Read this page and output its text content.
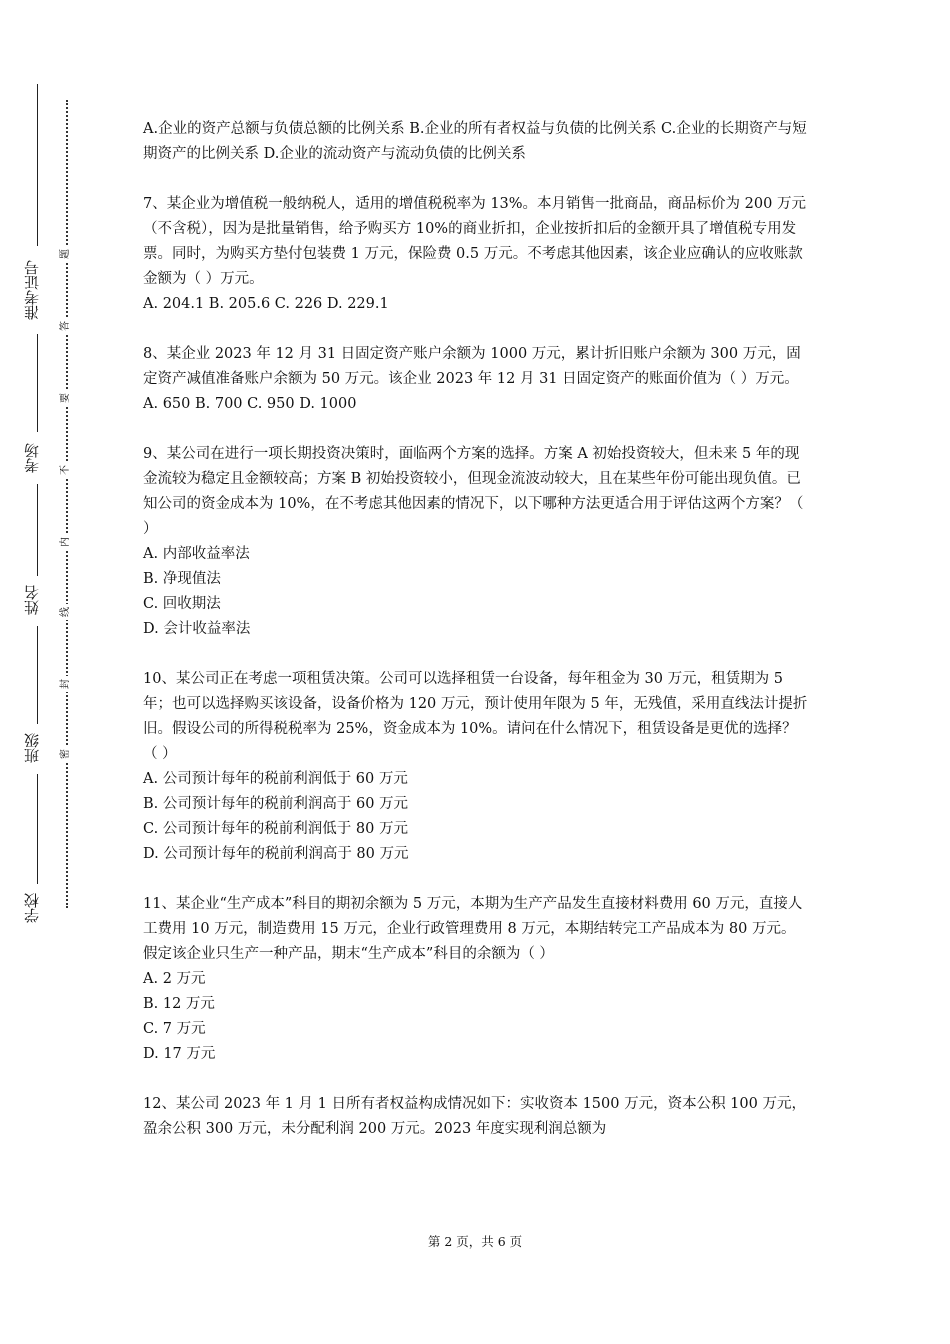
准考证号
考场
姓名
班级
学校
密
封
线
内
不
要
答
题

A.企业的资产总额与负债总额的比例关系 B.企业的所有者权益与负债的比例关系 C.企业的长期资产与短期资产的比例关系 D.企业的流动资产与流动负债的比例关系

7、某企业为增值税一般纳税人，适用的增值税税率为 13%。本月销售一批商品，商品标价为 200 万元（不含税），因为是批量销售，给予购买方 10%的商业折扣，企业按折扣后的金额开具了增值税专用发票。同时，为购买方垫付包装费 1 万元，保险费 0.5 万元。不考虑其他因素，该企业应确认的应收账款金额为（ ）万元。

A. 204.1 B. 205.6 C. 226 D. 229.1

8、某企业 2023 年 12 月 31 日固定资产账户余额为 1000 万元，累计折旧账户余额为 300 万元，固定资产减值准备账户余额为 50 万元。该企业 2023 年 12 月 31 日固定资产的账面价值为（ ）万元。

A. 650 B. 700 C. 950 D. 1000

9、某公司在进行一项长期投资决策时，面临两个方案的选择。方案 A 初始投资较大，但未来 5 年的现金流较为稳定且金额较高；方案 B 初始投资较小，但现金流波动较大，且在某些年份可能出现负值。已知公司的资金成本为 10%，在不考虑其他因素的情况下，以下哪种方法更适合用于评估这两个方案？（ ）

A. 内部收益率法

B. 净现值法

C. 回收期法

D. 会计收益率法

10、某公司正在考虑一项租赁决策。公司可以选择租赁一台设备，每年租金为 30 万元，租赁期为 5 年；也可以选择购买该设备，设备价格为 120 万元，预计使用年限为 5 年，无残值，采用直线法计提折旧。假设公司的所得税税率为 25%，资金成本为 10%。请问在什么情况下，租赁设备是更优的选择？（ ）

A. 公司预计每年的税前利润低于 60 万元

B. 公司预计每年的税前利润高于 60 万元

C. 公司预计每年的税前利润低于 80 万元

D. 公司预计每年的税前利润高于 80 万元

11、某企业“生产成本”科目的期初余额为 5 万元，本期为生产产品发生直接材料费用 60 万元，直接人工费用 10 万元，制造费用 15 万元，企业行政管理费用 8 万元，本期结转完工产品成本为 80 万元。假定该企业只生产一种产品，期末“生产成本”科目的余额为（ ）

A. 2 万元

B. 12 万元

C. 7 万元

D. 17 万元

12、某公司 2023 年 1 月 1 日所有者权益构成情况如下：实收资本 1500 万元，资本公积 100 万元，盈余公积 300 万元，未分配利润 200 万元。2023 年度实现利润总额为

第 2 页，共 6 页
